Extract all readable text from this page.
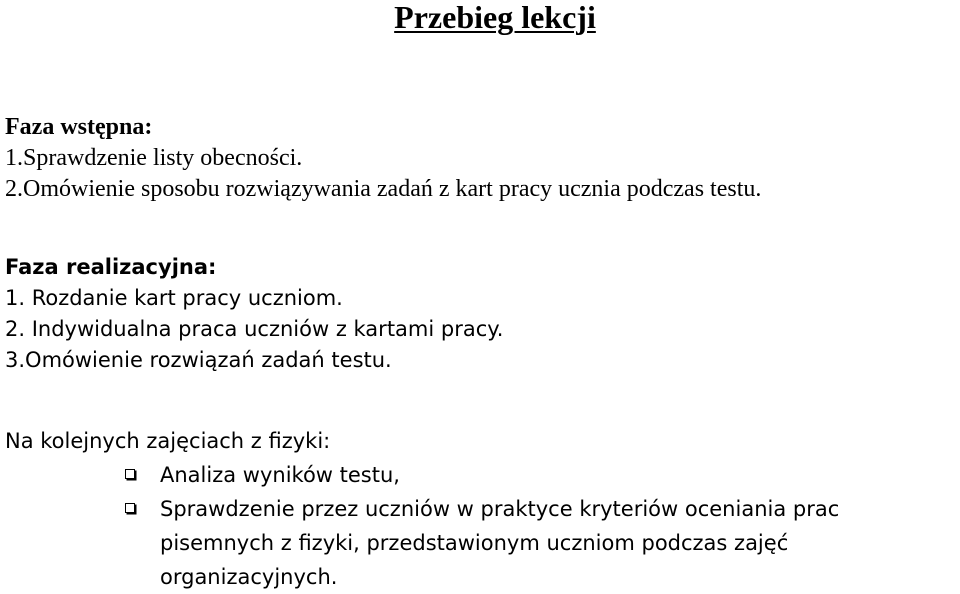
Przebieg lekcji

Faza wstępna:

1.Sprawdzenie listy obecności.

2.Omówienie sposobu rozwiązywania zadań z kart pracy ucznia podczas testu.

Faza realizacyjna:

1. Rozdanie kart pracy uczniom.

2. Indywidualna praca uczniów z kartami pracy.

3.Omówienie rozwiązań zadań testu.

Na kolejnych zajęciach z fizyki:

Analiza wyników testu,
Sprawdzenie przez uczniów w praktyce kryteriów oceniania prac pisemnych z fizyki, przedstawionym uczniom podczas zajęć organizacyjnych.
